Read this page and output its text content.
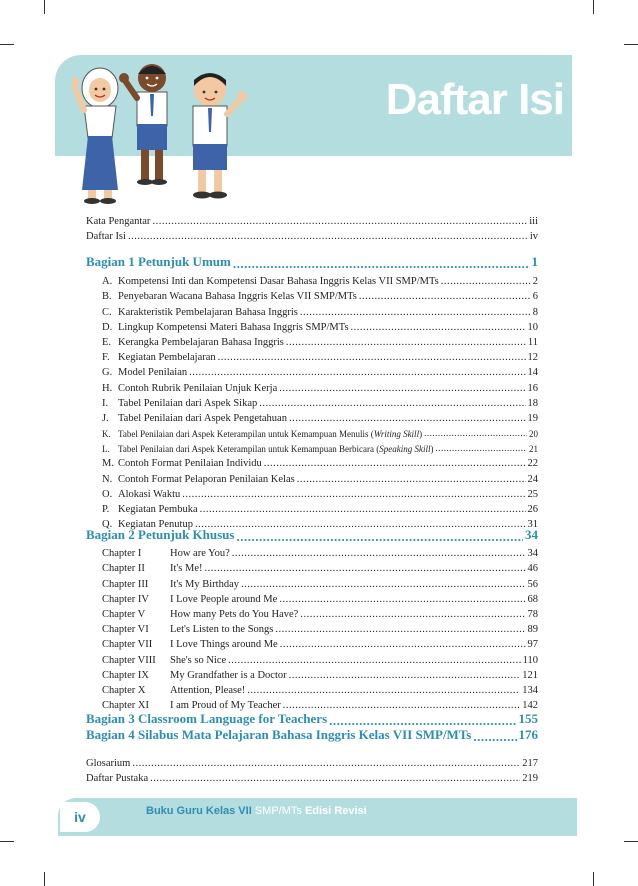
Daftar Isi
Kata Pengantar .....	iii
Daftar Isi .....	iv
Bagian 1 Petunjuk Umum .....	1
A. Kompetensi Inti dan Kompetensi Dasar Bahasa Inggris Kelas VII SMP/MTs .....	2
B. Penyebaran Wacana Bahasa Inggris Kelas VII SMP/MTs .....	6
C. Karakteristik Pembelajaran Bahasa Inggris .....	8
D. Lingkup Kompetensi Materi Bahasa Inggris SMP/MTs .....	10
E. Kerangka Pembelajaran Bahasa Inggris .....	11
F. Kegiatan Pembelajaran .....	12
G. Model Penilaian .....	14
H. Contoh Rubrik Penilaian Unjuk Kerja .....	16
I. Tabel Penilaian dari Aspek Sikap .....	18
J. Tabel Penilaian dari Aspek Pengetahuan .....	19
K. Tabel Penilaian dari Aspek Keterampilan untuk Kemampuan Menulis ( Writing Skill ) .....	20
L. Tabel Penilaian dari Aspek Keterampilan untuk Kemampuan Berbicara ( Speaking Skill ) .....	21
M. Contoh Format Penilaian Individu .....	22
N. Contoh Format Pelaporan Penilaian Kelas .....	24
O. Alokasi Waktu .....	25
P. Kegiatan Pembuka .....	26
Q. Kegiatan Penutup .....	31
Bagian 2 Petunjuk Khusus .....	34
Chapter I	How are You? .....	34
Chapter II	It's Me! .....	46
Chapter III	It's My Birthday .....	56
Chapter IV	I Love People around Me .....	68
Chapter V	How many Pets do You Have? .....	78
Chapter VI	Let's Listen to the Songs .....	89
Chapter VII	I Love Things around Me .....	97
Chapter VIII	She's so Nice .....	110
Chapter IX	My Grandfather is a Doctor .....	121
Chapter X	Attention, Please! .....	134
Chapter XI	I am Proud of My Teacher .....	142
Bagian 3 Classroom Language for Teachers .....	155
Bagian 4 Silabus Mata Pelajaran Bahasa Inggris Kelas VII SMP/MTs .....	176
Glosarium .....	217
Daftar Pustaka .....	219
iv	Buku Guru Kelas VII SMP/MTs Edisi Revisi
